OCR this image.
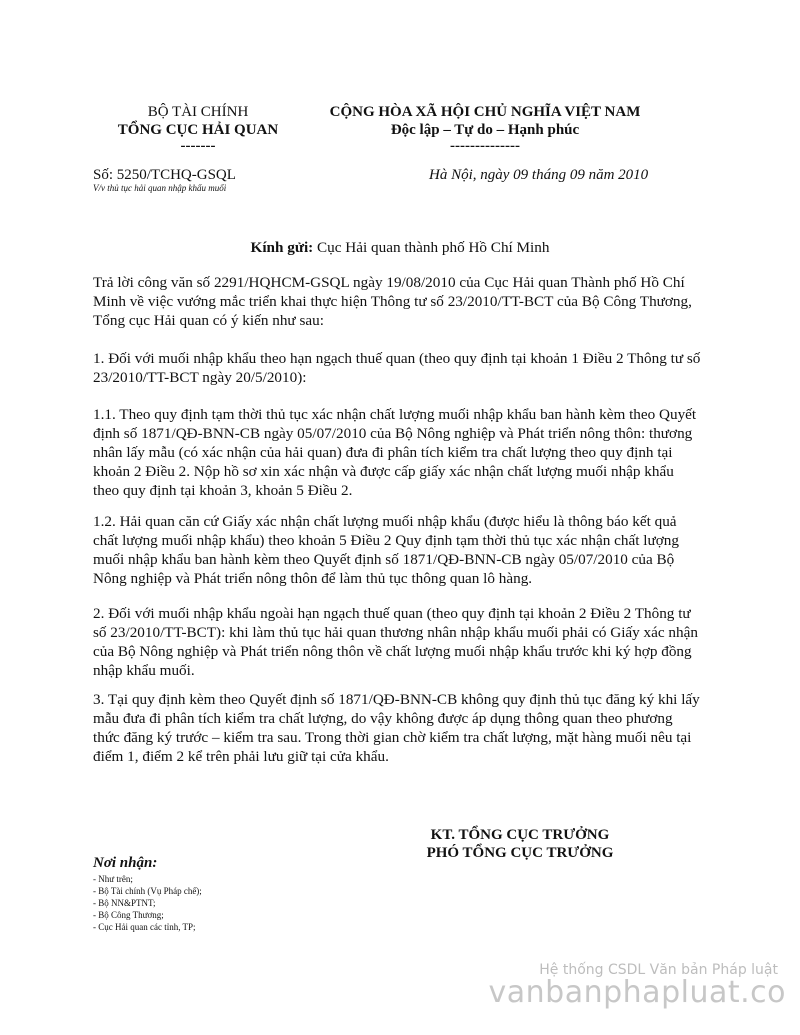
BỘ TÀI CHÍNH
TỔNG CỤC HẢI QUAN
-------
CỘNG HÒA XÃ HỘI CHỦ NGHĨA VIỆT NAM
Độc lập – Tự do – Hạnh phúc
--------------
Số: 5250/TCHQ-GSQL
V/v thủ tục hải quan nhập khẩu muối
Hà Nội, ngày 09 tháng 09 năm 2010
Kính gửi: Cục Hải quan thành phố Hồ Chí Minh
Trả lời công văn số 2291/HQHCM-GSQL ngày 19/08/2010 của Cục Hải quan Thành phố Hồ Chí Minh về việc vướng mắc triển khai thực hiện Thông tư số 23/2010/TT-BCT của Bộ Công Thương, Tổng cục Hải quan có ý kiến như sau:
1. Đối với muối nhập khẩu theo hạn ngạch thuế quan (theo quy định tại khoản 1 Điều 2 Thông tư số 23/2010/TT-BCT ngày 20/5/2010):
1.1. Theo quy định tạm thời thủ tục xác nhận chất lượng muối nhập khẩu ban hành kèm theo Quyết định số 1871/QĐ-BNN-CB ngày 05/07/2010 của Bộ Nông nghiệp và Phát triển nông thôn: thương nhân lấy mẫu (có xác nhận của hải quan) đưa đi phân tích kiểm tra chất lượng theo quy định tại khoản 2 Điều 2. Nộp hồ sơ xin xác nhận và được cấp giấy xác nhận chất lượng muối nhập khẩu theo quy định tại khoản 3, khoản 5 Điều 2.
1.2. Hải quan căn cứ Giấy xác nhận chất lượng muối nhập khẩu (được hiểu là thông báo kết quả chất lượng muối nhập khẩu) theo khoản 5 Điều 2 Quy định tạm thời thủ tục xác nhận chất lượng muối nhập khẩu ban hành kèm theo Quyết định số 1871/QĐ-BNN-CB ngày 05/07/2010 của Bộ Nông nghiệp và Phát triển nông thôn để làm thủ tục thông quan lô hàng.
2. Đối với muối nhập khẩu ngoài hạn ngạch thuế quan (theo quy định tại khoản 2 Điều 2 Thông tư số 23/2010/TT-BCT): khi làm thủ tục hải quan thương nhân nhập khẩu muối phải có Giấy xác nhận của Bộ Nông nghiệp và Phát triển nông thôn về chất lượng muối nhập khẩu trước khi ký hợp đồng nhập khẩu muối.
3. Tại quy định kèm theo Quyết định số 1871/QĐ-BNN-CB không quy định thủ tục đăng ký khi lấy mẫu đưa đi phân tích kiểm tra chất lượng, do vậy không được áp dụng thông quan theo phương thức đăng ký trước – kiểm tra sau. Trong thời gian chờ kiểm tra chất lượng, mặt hàng muối nêu tại điểm 1, điểm 2 kể trên phải lưu giữ tại cửa khẩu.
KT. TỔNG CỤC TRƯỞNG
PHÓ TỔNG CỤC TRƯỞNG
Nơi nhận:
- Như trên;
- Bộ Tài chính (Vụ Pháp chế);
- Bộ NN&PTNT;
- Bộ Công Thương;
- Cục Hải quan các tỉnh, TP;
Hệ thống CSDL Văn bản Pháp luật
vanbanphapluat.co
